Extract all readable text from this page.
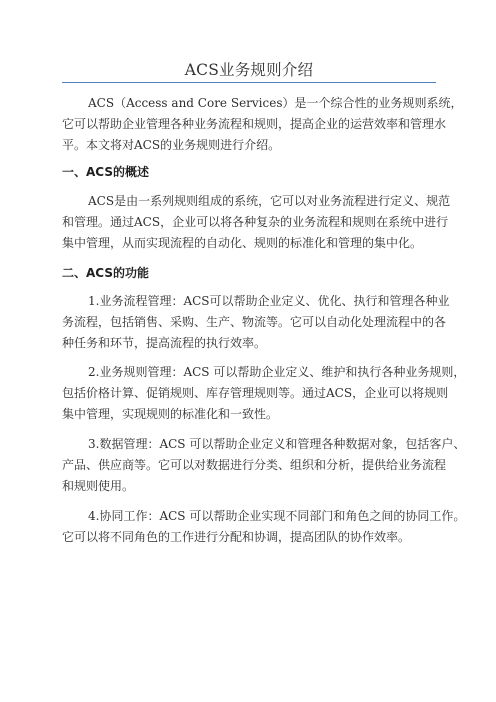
ACS业务规则介绍
ACS（Access and Core Services）是一个综合性的业务规则系统，
它可以帮助企业管理各种业务流程和规则，提高企业的运营效率和管理水
平。本文将对ACS的业务规则进行介绍。
一、ACS的概述
ACS是由一系列规则组成的系统，它可以对业务流程进行定义、规范
和管理。通过ACS，企业可以将各种复杂的业务流程和规则在系统中进行
集中管理，从而实现流程的自动化、规则的标准化和管理的集中化。
二、ACS的功能
1.业务流程管理：ACS可以帮助企业定义、优化、执行和管理各种业
务流程，包括销售、采购、生产、物流等。它可以自动化处理流程中的各
种任务和环节，提高流程的执行效率。
2.业务规则管理：ACS 可以帮助企业定义、维护和执行各种业务规则，
包括价格计算、促销规则、库存管理规则等。通过ACS，企业可以将规则
集中管理，实现规则的标准化和一致性。
3.数据管理：ACS 可以帮助企业定义和管理各种数据对象，包括客户、
产品、供应商等。它可以对数据进行分类、组织和分析，提供给业务流程
和规则使用。
4.协同工作：ACS 可以帮助企业实现不同部门和角色之间的协同工作。
它可以将不同角色的工作进行分配和协调，提高团队的协作效率。
